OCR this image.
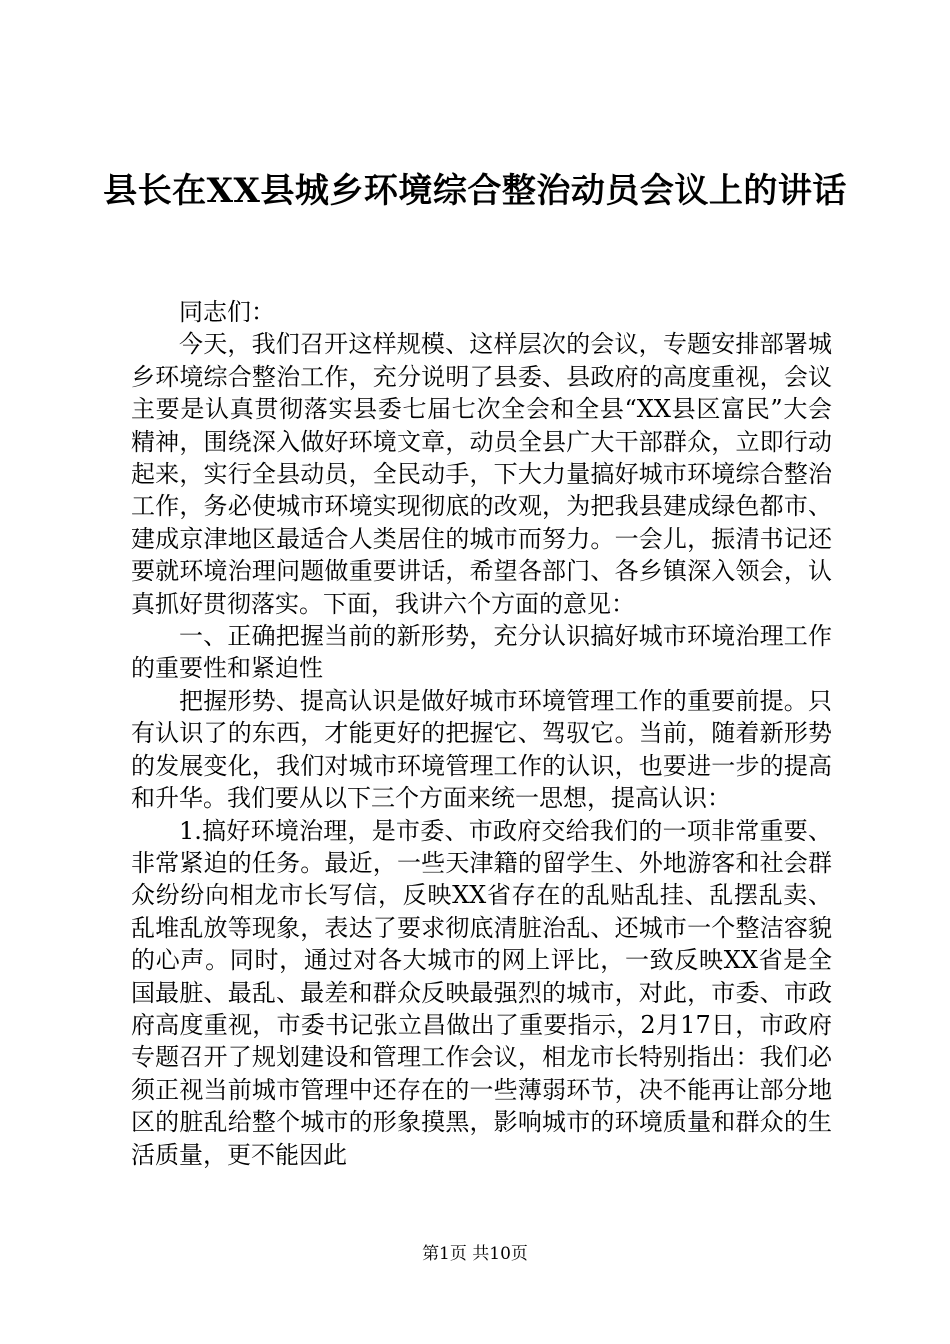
县长在XX县城乡环境综合整治动员会议上的讲话

同志们：

今天，我们召开这样规模、这样层次的会议，专题安排部署城乡环境综合整治工作，充分说明了县委、县政府的高度重视，会议主要是认真贯彻落实县委七届七次全会和全县“XX县区富民”大会精神，围绕深入做好环境文章，动员全县广大干部群众，立即行动起来，实行全县动员，全民动手，下大力量搞好城市环境综合整治工作，务必使城市环境实现彻底的改观，为把我县建成绿色都市、建成京津地区最适合人类居住的城市而努力。一会儿，振清书记还要就环境治理问题做重要讲话，希望各部门、各乡镇深入领会，认真抓好贯彻落实。下面，我讲六个方面的意见：

一、正确把握当前的新形势，充分认识搞好城市环境治理工作的重要性和紧迫性

把握形势、提高认识是做好城市环境管理工作的重要前提。只有认识了的东西，才能更好的把握它、驾驭它。当前，随着新形势的发展变化，我们对城市环境管理工作的认识，也要进一步的提高和升华。我们要从以下三个方面来统一思想，提高认识：

1.搞好环境治理，是市委、市政府交给我们的一项非常重要、非常紧迫的任务。最近，一些天津籍的留学生、外地游客和社会群众纷纷向相龙市长写信，反映XX省存在的乱贴乱挂、乱摆乱卖、乱堆乱放等现象，表达了要求彻底清脏治乱、还城市一个整洁容貌的心声。同时，通过对各大城市的网上评比，一致反映XX省是全国最脏、最乱、最差和群众反映最强烈的城市，对此，市委、市政府高度重视，市委书记张立昌做出了重要指示，2月17日，市政府专题召开了规划建设和管理工作会议，相龙市长特别指出：我们必须正视当前城市管理中还存在的一些薄弱环节，决不能再让部分地区的脏乱给整个城市的形象摸黑，影响城市的环境质量和群众的生活质量，更不能因此

第1页 共10页
